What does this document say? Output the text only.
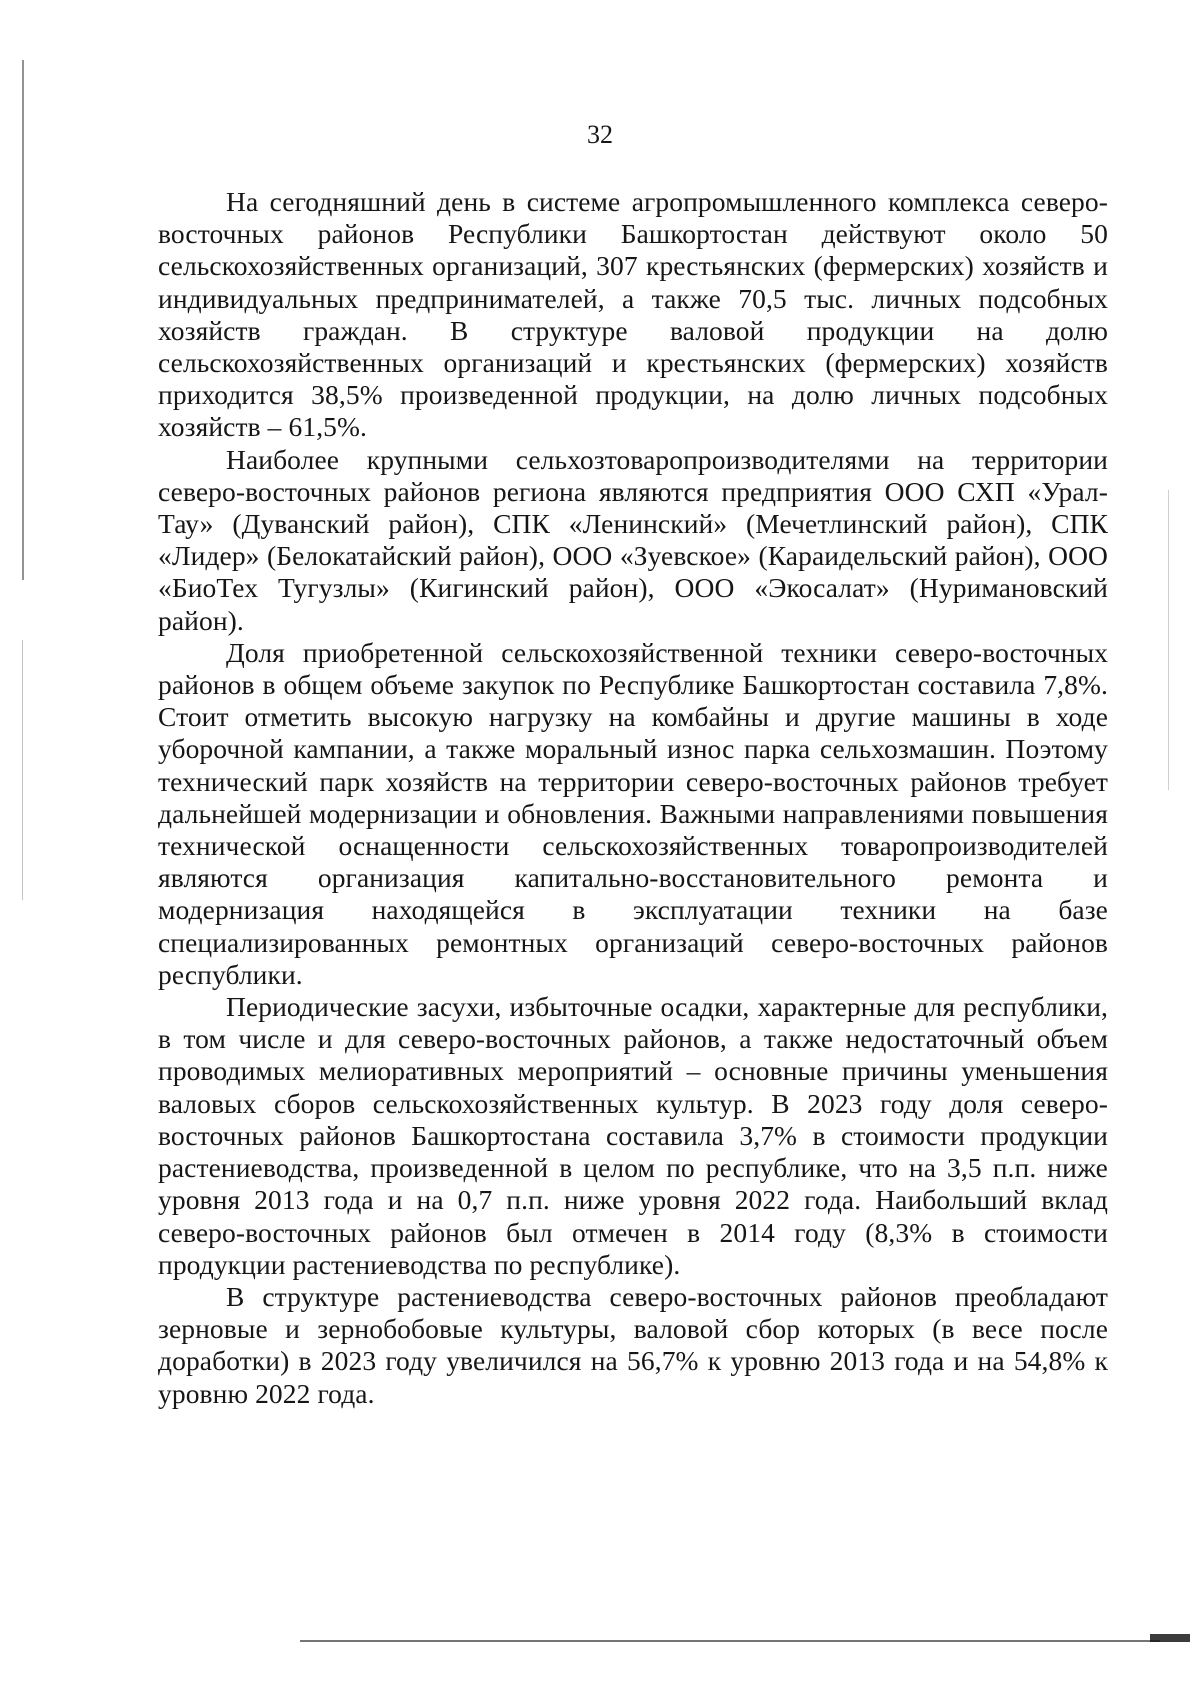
32

На сегодняшний день в системе агропромышленного комплекса северо-восточных районов Республики Башкортостан действуют около 50 сельскохозяйственных организаций, 307 крестьянских (фермерских) хозяйств и индивидуальных предпринимателей, а также 70,5 тыс. личных подсобных хозяйств граждан. В структуре валовой продукции на долю сельскохозяйственных организаций и крестьянских (фермерских) хозяйств приходится 38,5% произведенной продукции, на долю личных подсобных хозяйств – 61,5%.

Наиболее крупными сельхозтоваропроизводителями на территории северо-восточных районов региона являются предприятия ООО СХП «Урал-Тау» (Дуванский район), СПК «Ленинский» (Мечетлинский район), СПК «Лидер» (Белокатайский район), ООО «Зуевское» (Караидельский район), ООО «БиоТех Тугузлы» (Кигинский район), ООО «Экосалат» (Нуримановский район).

Доля приобретенной сельскохозяйственной техники северо-восточных районов в общем объеме закупок по Республике Башкортостан составила 7,8%. Стоит отметить высокую нагрузку на комбайны и другие машины в ходе уборочной кампании, а также моральный износ парка сельхозмашин. Поэтому технический парк хозяйств на территории северо-восточных районов требует дальнейшей модернизации и обновления. Важными направлениями повышения технической оснащенности сельскохозяйственных товаропроизводителей являются организация капитально-восстановительного ремонта и модернизация находящейся в эксплуатации техники на базе специализированных ремонтных организаций северо-восточных районов республики.

Периодические засухи, избыточные осадки, характерные для республики, в том числе и для северо-восточных районов, а также недостаточный объем проводимых мелиоративных мероприятий – основные причины уменьшения валовых сборов сельскохозяйственных культур. В 2023 году доля северо-восточных районов Башкортостана составила 3,7% в стоимости продукции растениеводства, произведенной в целом по республике, что на 3,5 п.п. ниже уровня 2013 года и на 0,7 п.п. ниже уровня 2022 года. Наибольший вклад северо-восточных районов был отмечен в 2014 году (8,3% в стоимости продукции растениеводства по республике).

В структуре растениеводства северо-восточных районов преобладают зерновые и зернобобовые культуры, валовой сбор которых (в весе после доработки) в 2023 году увеличился на 56,7% к уровню 2013 года и на 54,8% к уровню 2022 года.
